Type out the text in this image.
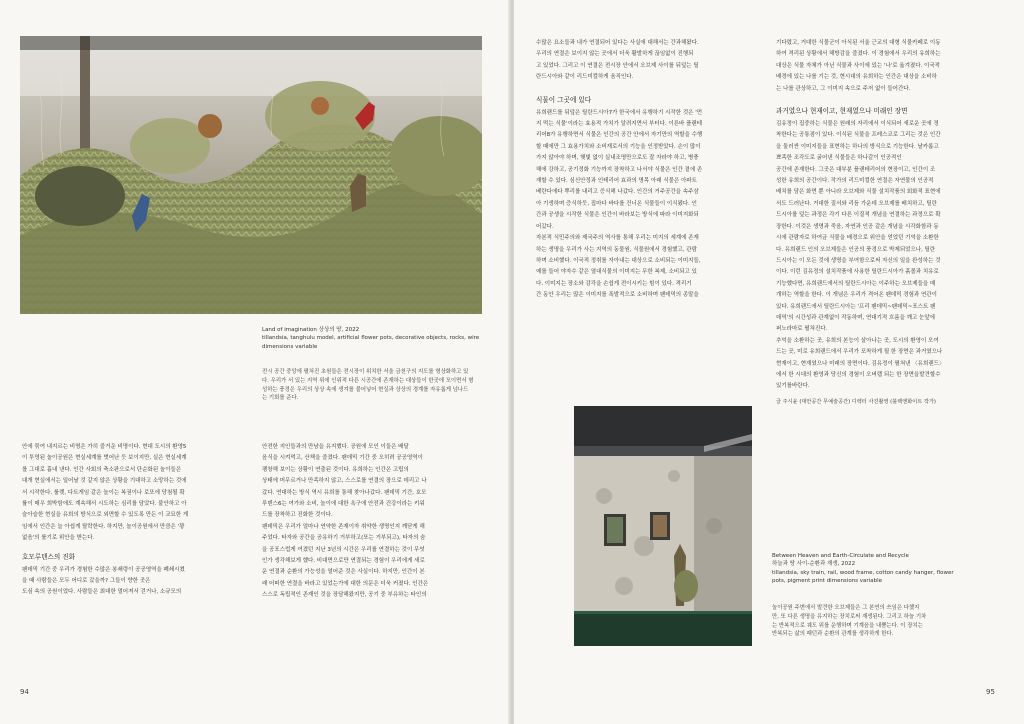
Land of imagination 상상의 땅, 2022
tillandsia, tanghulu model, artificial flower pots, decorative objects, rocks, wire
dimensions variable
전시 공간 중앙에 펼쳐진 초원들은 전시장이 위치한 서울 금천구의 지도를 형상화하고 있
다. 우리가 서 있는 지역 위에 인위적 다른 시공간에 존재하는 대상들이 한곳에 모이면서 형
성하는 풍경은 우리의 상상 속에 생겨를 불어넣어 현실과 상상의 경계를 자유롭게 넘나드
는 기회를 준다.

안에 묶여 내지르는 비명은 가히 즐거운 비명이다. 현대 도시의 환영5

이 투영된 놀이공원은 현실세계를 벗어난 듯 보이지만, 실은 현실세계

를 그대로 흉내 낸다. 인간 사회의 축소판으로서 단순화된 놀이들은

대개 현실에서는 일어날 것 같지 않은 상황을 기대하고 소망하는 것에

서 시작한다. 룰렛, 다트게임 같은 놀이는 복권이나 로또에 당첨될 확

률이 매우 희박함에도 계속해서 시도하는 심리를 담았다. 불안하고 아

슬아슬한 현실을 유희의 방식으로 외면할 수 있도록 만든 이 교묘한 게

임에서 인간은 늘 아쉽게 탈락한다. 하지만, 놀이공원에서 만큼은 '꽝

없음'의 룰기로 위안을 받는다.

호모루덴스의 진화

팬데믹 기간 중 우리가 경험한 수많은 봉쇄령이 공공영역을 폐쇄시켰

을 때 사람들은 모두 어디로 갔을까? 그들이 향한 곳은

도심 속의 공원이었다. 사람들은 최대한 멀어져서 걷거나, 소규모의

안전한 지인들과의 만남을 유지했다. 공원에 모인 이들은 배달

음식을 시켜먹고, 산책을 즐겼다. 팬데믹 기간 중 오히려 공공영역이

팽창해 보이는 상황이 연출된 것이다. 유희하는 인간은 고립의

상태에 머무르거나 만족하지 않고, 스스로를 연결의 장으로 데리고 나

갔다. 연대하는 방식 역시 유희를 통해 찾아나갔다. 팬데믹 기간, 호모

루덴스6는 여가와 소비, 놀이에 대한 욕구에 안전과 건강이라는 키워

드를 장착하고 진화한 것이다.

팬데믹은 우리가 얼마나 연약한 존재이자 취약한 생명인지 깨닫게 해

주었다. 타자와 공간을 공유하기 거부하고(또는 거부되고), 타자의 숨

을 공포스럽게 여겼던 지난 3년의 시간은 우리를 연결하는 것이 무엇

인가 생각해보게 했다. 비대면으로만 연결되는 경험이 우리에게 새로

운 연결과 순환의 가능성을 열어준 것은 사실이다. 하지만, 인간이 본

래 어떠한 연결을 바라고 있었는가에 대한 의문은 더욱 커졌다. 인간은

스스로 독립적인 존재인 것을 장담해왔지만, 공기 중 부유하는 타인의

94

수많은 요소들과 내가 연결되어 있다는 사실에 대해서는 간과해왔다.

우리의 연결은 보이지 않는 곳에서 더욱 활발하게 끊임없이 진행되

고 있었다. 그리고 이 연결은 전시장 안에서 오브제 사이를 뒤덮는 틸

란드시아와 같이 리드미컬하게 움직인다.

식물이 그곳에 있다

유희랜드를 뒤덮은 틸란드시아7가 한국에서 유행하기 시작한 것은 '먼

지 먹는 식물'이라는 효용적 가치가 알려지면서 부터다. 이른바 플랜테

리어8가 유행하면서 식물은 인간의 공간 안에서 자기만의 역할을 수행

할 때에만 그 효용가치와 소비재로서의 기능을 인정받았다. 손이 많이

가지 않아야 하며, 햇빛 없이 실내조명만으로도 잘 자라야 하고, 병충

해에 강하고, 공기정화 기능까지 장착하고 나서야 식물은 인간 곁에 존

재할 수 있다. 심신안정과 인테리어 효과의 명목 아래 식물은 아파트

베란다에다 뿌리를 내리고 증식해 나갔다. 인간의 거주공간을 속주삼

아 기생하며 증식하듯, 집마다 바다를 건너온 식물들이 이식됐다. 인

간과 공생을 시작한 식물은 인간이 바라보는 방식에 따라 이미지화되

어갔다.

자본적 식민주의와 제국주의 역사를 통해 우리는 미지의 세계에 존재

하는 생명을 우리가 사는 지역의 동물원, 식물원에서 경험했고, 관람

하며 소비했다. 이국적 정취를 자아내는 대상으로 소비되는 이미지들,

예를 들어 야자수 같은 열대식물의 이미지는 무한 복제, 소비되고 있

다. 이미지는 장소와 감각을 손쉽게 전이시키는 힘이 있다. 격리기

간 동안 우리는 많은 이미지를 폭발적으로 소비하며 팬데믹의 종말을

기다렸고, 거대한 식물군이 아식된 서울 근교의 대형 식물카페로 이동

하여 격리된 상황에서 해방감을 즐겼다. 이 경험에서 우리의 유희하는

대상은 식물 자체가 아닌 식물과 사이에 있는 '나'로 옮겨졌다. 이국적

배경에 있는 나를 기는 것, 현시대의 유희하는 인간은 대상을 소비하

는 나를 관상하고, 그 이미지 속으로 주저 없이 들어간다.

과거였으나 현재이고, 현재였으나 미래인 장면

김유정이 집중하는 식물은 원래의 자리에서 이식되어 새로운 곳에 정

착한다는 공통점이 있다. 이식된 식물을 프레스코로 그리는 것은 인간

을 둘러싼 이미지들을 표현하는 하나의 방식으로 기능한다. 날카롭고

뾰족한 조각도로 굵어낸 식물들은 하나같이 인공적인

공간에 존재한다. 그곳은 대부분 플랜테리어의 현장이고, 인간이 조

성한 유희의 공간이다. 작가의 리드미컬한 연결은 자연물의 인공적

배치를 담은 화면 뿐 아니라 오브제와 식물 설치작품의 회화적 표현에

서도 드러난다. 거대한 질서와 리듬 가운데 오브제를 배치하고, 틸란

드시아를 덮는 과정은 각기 다른 이질적 개념을 연결하는 과정으로 확

장한다. 이것은 생명과 죽음, 자연과 인공 같은 개념을 시각화함과 동

시에 관람자로 하여금 식물을 배경으로 위안을 얻었던 기억을 소환한

다. 유희랜드 인의 오브제들은 인공의 풍경으로 박제되었으나, 틸란

드시아는 이 모든 것에 생명을 부여함으로써 자신의 일을 완성하는 것

이다. 이런 김유정의 설치작품에 사용한 틸란드시아가 흙볼과 치유로

기능했다면, 유희랜드에서의 틸란드시아는 이주하는 오브제들을 매

개하는 역할을 한다. 이 개념은 우리가 격어온 팬데믹 경험과 연관이

있다. 유희랜드에서 틸란드시아는 '프리 팬데믹~팬데믹~포스트 팬

데믹'의 시간성과 관계없이 작동하며, 연대기적 흐름을 깨고 눈앞에

퍼노라마로 펼쳐진다.

추억을 소환하는 곳, 유희의 본능이 살아나는 곳, 도시의 환영이 모여

드는 곳, 미로 유희랜드에서 우리가 포착하게 될 한 장면은 과거였으나

현재이고, 현재였으나 미래의 장면이다. 김유정이 펼쳐낸 〈유희랜드〉

에서 한 시대의 환영과 당신의 경험이 오버랩 되는 한 장면을발견할수

있기를바란다.

글 주시윤 (대안공간 무예술공간) 디렉터 사진촬영 (블랙앤화이트 작가)

Between Heaven and Earth-Circulate and Recycle
하늘과 땅 사이-순환과 재생, 2022
tillandsia, sky train, rail, wood frame, cotton candy hanger, flower
pots, pigment print dimensions variable
놀이공원 주변에서 발견한 오브제들은 그 본연의 쓰임은 다했지
만, 또 다른 생명을 유지하는 장치로써 재생된다. 그리고 하늘 기차
는 반복적으로 궤도 위를 운행하며 기계음을 내뿜는다. 이 장치는
반복되는 삶의 패턴과 순환의 관계를 생각하게 한다.
95
